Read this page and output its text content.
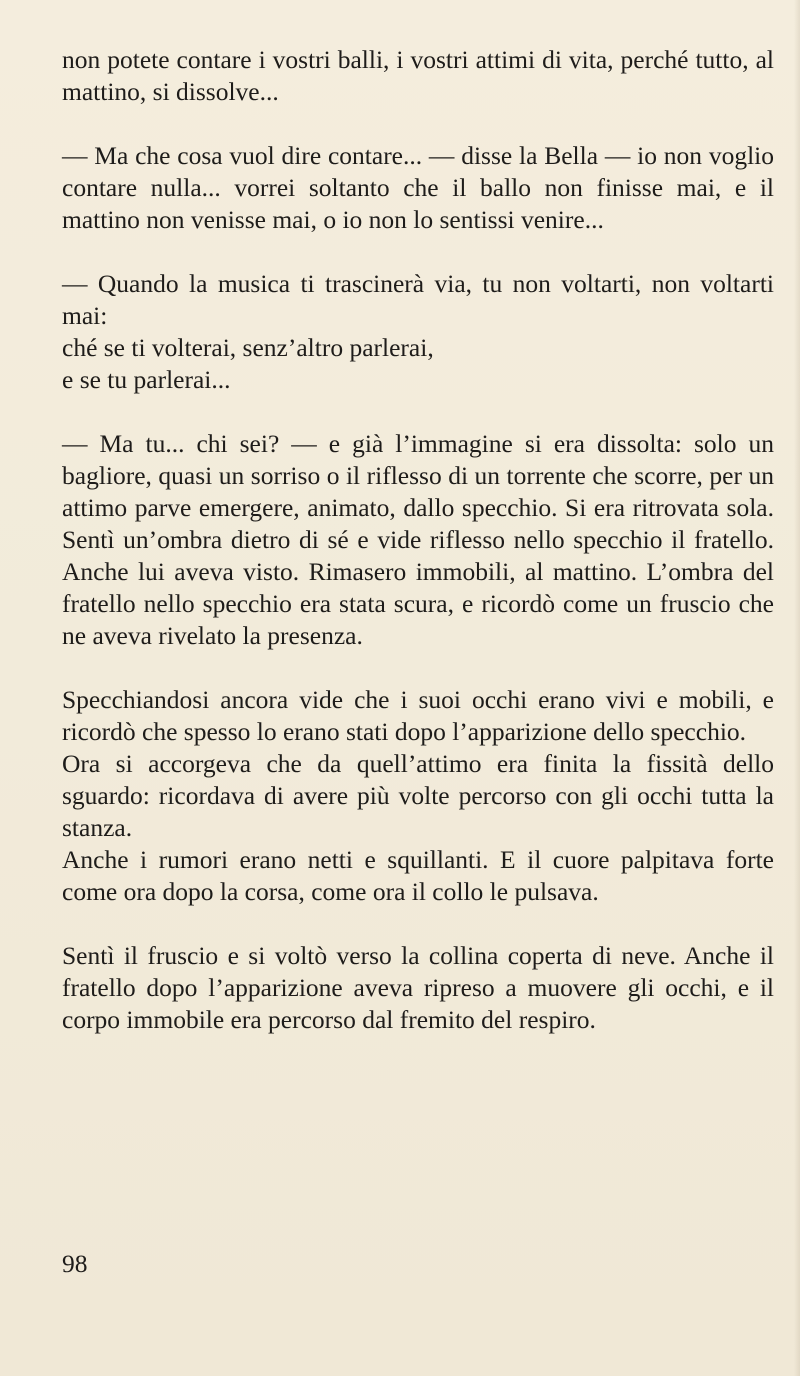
non potete contare i vostri balli, i vostri attimi di vita, perché tutto, al mattino, si dissolve...

— Ma che cosa vuol dire contare... — disse la Bella — io non voglio contare nulla... vorrei soltanto che il ballo non finisse mai, e il mattino non venisse mai, o io non lo sentissi venire...

— Quando la musica ti trascinerà via, tu non voltarti, non voltarti mai:

ché se ti volterai, senz’altro parlerai,
e se tu parlerai...

— Ma tu... chi sei? — e già l’immagine si era dissolta: solo un bagliore, quasi un sorriso o il riflesso di un torrente che scorre, per un attimo parve emergere, animato, dallo specchio. Si era ritrovata sola. Sentì un’ombra dietro di sé e vide riflesso nello specchio il fratello. Anche lui aveva visto. Rimasero immobili, al mattino. L’ombra del fratello nello specchio era stata scura, e ricordò come un fruscio che ne aveva rivelato la presenza.

Specchiandosi ancora vide che i suoi occhi erano vivi e mobili, e ricordò che spesso lo erano stati dopo l’apparizione dello specchio.

Ora si accorgeva che da quell’attimo era finita la fissità dello sguardo: ricordava di avere più volte percorso con gli occhi tutta la stanza.

Anche i rumori erano netti e squillanti. E il cuore palpitava forte come ora dopo la corsa, come ora il collo le pulsava.

Sentì il fruscio e si voltò verso la collina coperta di neve. Anche il fratello dopo l’apparizione aveva ripreso a muovere gli occhi, e il corpo immobile era percorso dal fremito del respiro.

98
